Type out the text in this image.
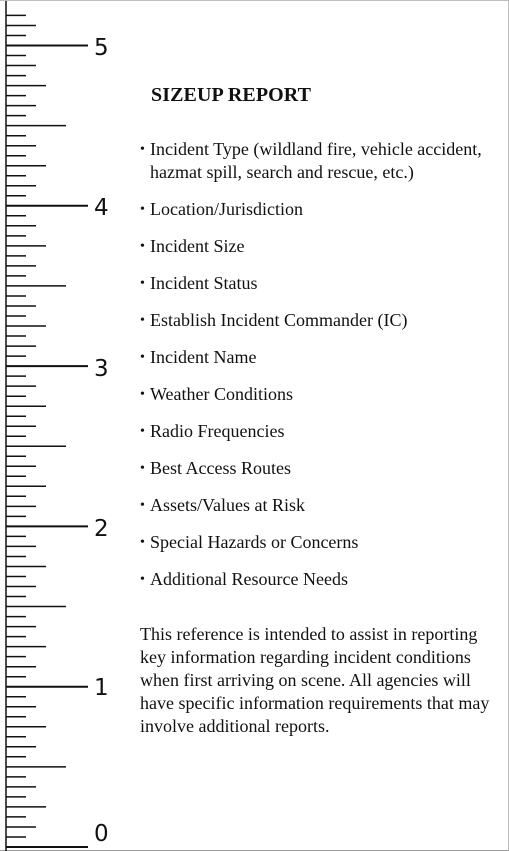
5
4
3
2
1
0
SIZEUP REPORT
• Incident Type (wildland fire, vehicle accident, hazmat spill, search and rescue, etc.)
• Location/Jurisdiction
• Incident Size
• Incident Status
• Establish Incident Commander (IC)
• Incident Name
• Weather Conditions
• Radio Frequencies
• Best Access Routes
• Assets/Values at Risk
• Special Hazards or Concerns
• Additional Resource Needs
This reference is intended to assist in reporting key information regarding incident conditions when first arriving on scene. All agencies will have specific information requirements that may involve additional reports.
